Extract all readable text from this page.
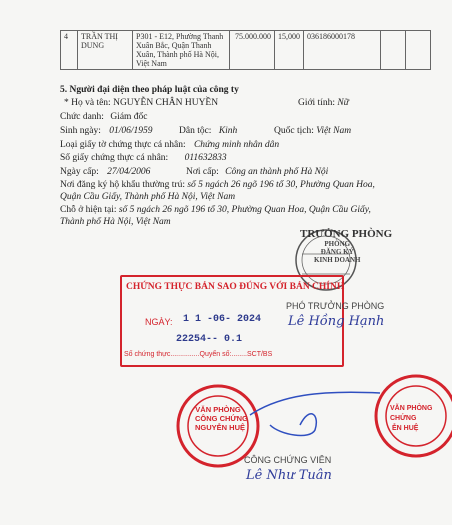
4	TRẦN THỊ DUNG	P301 - E12, Phường Thanh Xuân Bắc, Quận Thanh Xuân, Thành phố Hà Nội, Việt Nam	75.000.000	15,000	036186000178		
5. Người đại diện theo pháp luật của công ty
* Họ và tên: NGUYỄN CHÂN HUYỀN	Giới tính: Nữ
Chức danh: Giám đốc
Sinh ngày: 01/06/1959	Dân tộc: Kinh	Quốc tịch: Việt Nam
Loại giấy tờ chứng thực cá nhân: Chứng minh nhân dân
Số giấy chứng thực cá nhân: 011632833
Ngày cấp: 27/04/2006	Nơi cấp: Công an thành phố Hà Nội
Nơi đăng ký hộ khẩu thường trú: số 5 ngách 26 ngõ 196 tổ 30, Phường Quan Hoa,
Quận Cầu Giấy, Thành phố Hà Nội, Việt Nam
Chỗ ở hiện tại: số 5 ngách 26 ngõ 196 tổ 30, Phường Quan Hoa, Quận Cầu Giấy,
Thành phố Hà Nội, Việt Nam
TRƯỞNG PHÒNG
PHÒNG
ĐĂNG KÝ
KINH DOANH
CHỨNG THỰC BẢN SAO ĐÚNG VỚI BẢN CHÍNH
NGÀY: 1 1 -06- 2024
22254-- 0.1
Số chứng thực...............Quyển số:........SCT/BS
PHÓ TRƯỞNG PHÒNG
Lê Hồng Hạnh
VĂN PHÒNG
CÔNG CHỨNG
NGUYỄN HUỆ
VĂN PHÒNG
CHỨNG
ỄN HUỆ
CÔNG CHỨNG VIÊN
Lê Như Tuân
